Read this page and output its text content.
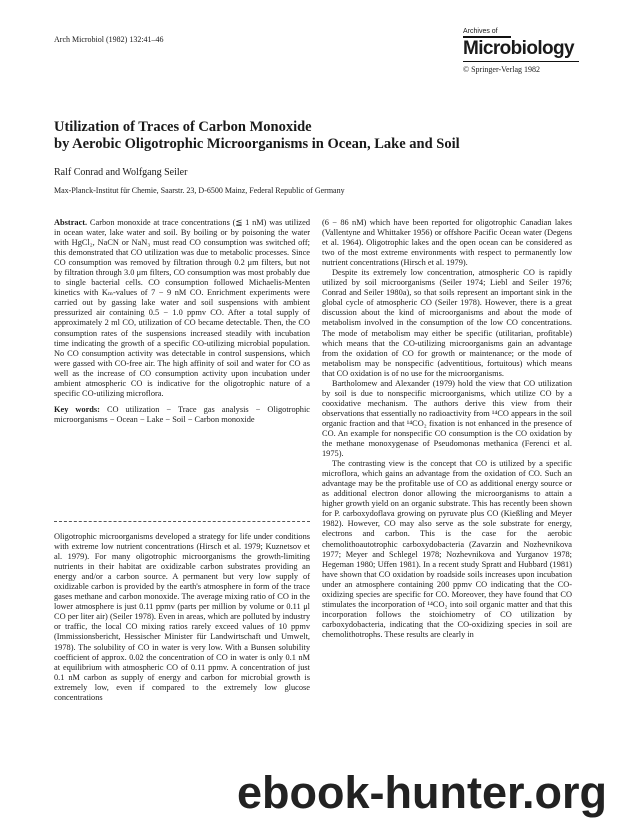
Arch Microbiol (1982) 132:41–46
Archives of
Microbiology
© Springer-Verlag 1982
Utilization of Traces of Carbon Monoxide
by Aerobic Oligotrophic Microorganisms in Ocean, Lake and Soil
Ralf Conrad and Wolfgang Seiler
Max-Planck-Institut für Chemie, Saarstr. 23, D-6500 Mainz, Federal Republic of Germany

Abstract. Carbon monoxide at trace concentrations (≦ 1 nM) was utilized in ocean water, lake water and soil. By boiling or by poisoning the water with HgCl₂, NaCN or NaN₃ must read CO consumption was switched off; this demonstrated that CO utilization was due to metabolic processes. Since CO consumption was removed by filtration through 0.2 μm filters, but not by filtration through 3.0 μm filters, CO consumption was most probably due to single bacterial cells. CO consumption followed Michaelis-Menten kinetics with Kₘ-values of 7 − 9 nM CO. Enrichment experiments were carried out by gassing lake water and soil suspensions with ambient pressurized air containing 0.5 − 1.0 ppmv CO. After a total supply of approximately 2 ml CO, utilization of CO became detectable. Then, the CO consumption rates of the suspensions increased steadily with incubation time indicating the growth of a specific CO-utilizing microbial population. No CO consumption activity was detectable in control suspensions, which were gassed with CO-free air. The high affinity of soil and water for CO as well as the increase of CO consumption activity upon incubation under ambient atmospheric CO is indicative for the oligotrophic nature of a specific CO-utilizing microflora.

Key words: CO utilization − Trace gas analysis − Oligotrophic microorganisms − Ocean − Lake − Soil − Carbon monoxide

Oligotrophic microorganisms developed a strategy for life under conditions with extreme low nutrient concentrations (Hirsch et al. 1979; Kuznetsov et al. 1979). For many oligotrophic microorganisms the growth-limiting nutrients in their habitat are oxidizable carbon substrates providing an energy and/or a carbon source. A permanent but very low supply of oxidizable carbon is provided by the earth's atmosphere in form of the trace gases methane and carbon monoxide. The average mixing ratio of CO in the lower atmosphere is just 0.11 ppmv (parts per million by volume or 0.11 μl CO per liter air) (Seiler 1978). Even in areas, which are polluted by industry or traffic, the local CO mixing ratios rarely exceed values of 10 ppmv (Immissionsbericht, Hessischer Minister für Landwirtschaft und Umwelt, 1978). The solubility of CO in water is very low. With a Bunsen solubility coefficient of approx. 0.02 the concentration of CO in water is only 0.1 nM at equilibrium with atmospheric CO of 0.11 ppmv. A concentration of just 0.1 nM carbon as supply of energy and carbon for microbial growth is extremely low, even if compared to the extremely low glucose concentrations

(6 − 86 nM) which have been reported for oligotrophic Canadian lakes (Vallentyne and Whittaker 1956) or offshore Pacific Ocean water (Degens et al. 1964). Oligotrophic lakes and the open ocean can be considered as two of the most extreme environments with respect to permanently low nutrient concentrations (Hirsch et al. 1979).

Despite its extremely low concentration, atmospheric CO is rapidly utilized by soil microorganisms (Seiler 1974; Liebl and Seiler 1976; Conrad and Seiler 1980a), so that soils represent an important sink in the global cycle of atmospheric CO (Seiler 1978). However, there is a great discussion about the kind of microorganisms and about the mode of metabolism involved in the consumption of the low CO concentrations. The mode of metabolism may either be specific (utilitarian, profitable) which means that the CO-utilizing microorganisms gain an advantage from the oxidation of CO for growth or maintenance; or the mode of metabolism may be nonspecific (adventitious, fortuitous) which means that CO oxidation is of no use for the microorganisms.

Bartholomew and Alexander (1979) hold the view that CO utilization by soil is due to nonspecific microorganisms, which utilize CO by a cooxidative mechanism. The authors derive this view from their observations that essentially no radioactivity from ¹⁴CO appears in the soil organic fraction and that ¹⁴CO₂ fixation is not enhanced in the presence of CO. An example for nonspecific CO consumption is the CO oxidation by the methane monoxygenase of Pseudomonas methanica (Ferenci et al. 1975).

The contrasting view is the concept that CO is utilized by a specific microflora, which gains an advantage from the oxidation of CO. Such an advantage may be the profitable use of CO as additional energy source or as additional electron donor allowing the microorganisms to attain a higher growth yield on an organic substrate. This has recently been shown for P. carboxydoflava growing on pyruvate plus CO (Kießling and Meyer 1982). However, CO may also serve as the sole substrate for energy, electrons and carbon. This is the case for the aerobic chemolithoautotrophic carboxydobacteria (Zavarzin and Nozhevnikova 1977; Meyer and Schlegel 1978; Nozhevnikova and Yurganov 1978; Hegeman 1980; Uffen 1981). In a recent study Spratt and Hubbard (1981) have shown that CO oxidation by roadside soils increases upon incubation under an atmosphere containing 200 ppmv CO indicating that the CO-oxidizing species are specific for CO. Moreover, they have found that CO stimulates the incorporation of ¹⁴CO₂ into soil organic matter and that this incorporation follows the stoichiometry of CO utilization by carboxydobacteria, indicating that the CO-oxidizing species in soil are chemolithotrophs. These results are clearly in

ebook-hunter.org
